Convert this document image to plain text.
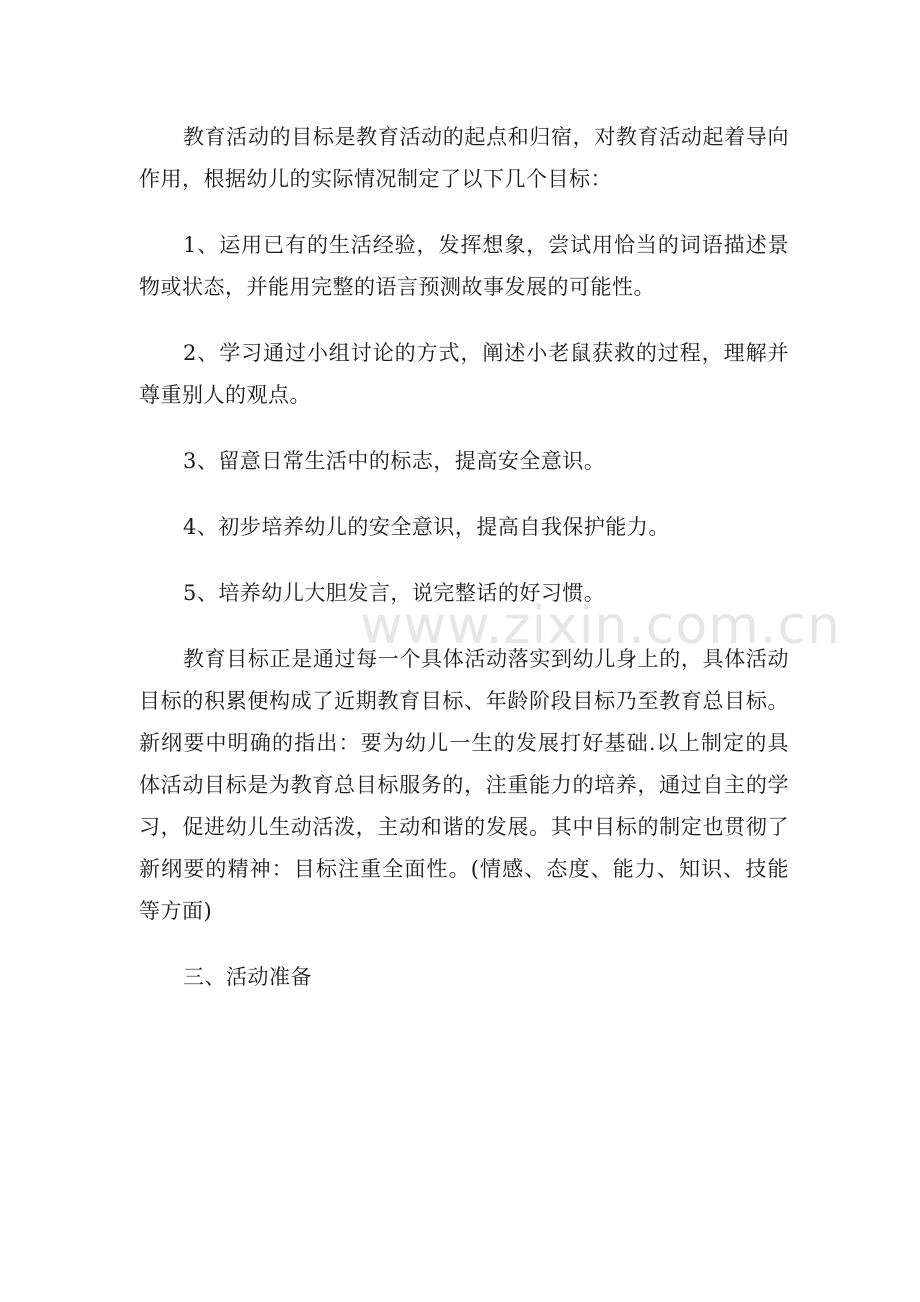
教育活动的目标是教育活动的起点和归宿，对教育活动起着导向作用，根据幼儿的实际情况制定了以下几个目标：

1、运用已有的生活经验，发挥想象，尝试用恰当的词语描述景物或状态，并能用完整的语言预测故事发展的可能性。

2、学习通过小组讨论的方式，阐述小老鼠获救的过程，理解并尊重别人的观点。

3、留意日常生活中的标志，提高安全意识。

4、初步培养幼儿的安全意识，提高自我保护能力。

5、培养幼儿大胆发言，说完整话的好习惯。

教育目标正是通过每一个具体活动落实到幼儿身上的，具体活动目标的积累便构成了近期教育目标、年龄阶段目标乃至教育总目标。新纲要中明确的指出：要为幼儿一生的发展打好基础.以上制定的具体活动目标是为教育总目标服务的，注重能力的培养，通过自主的学习，促进幼儿生动活泼，主动和谐的发展。其中目标的制定也贯彻了新纲要的精神：目标注重全面性。(情感、态度、能力、知识、技能等方面)

三、活动准备

www.zixin.com.cn
